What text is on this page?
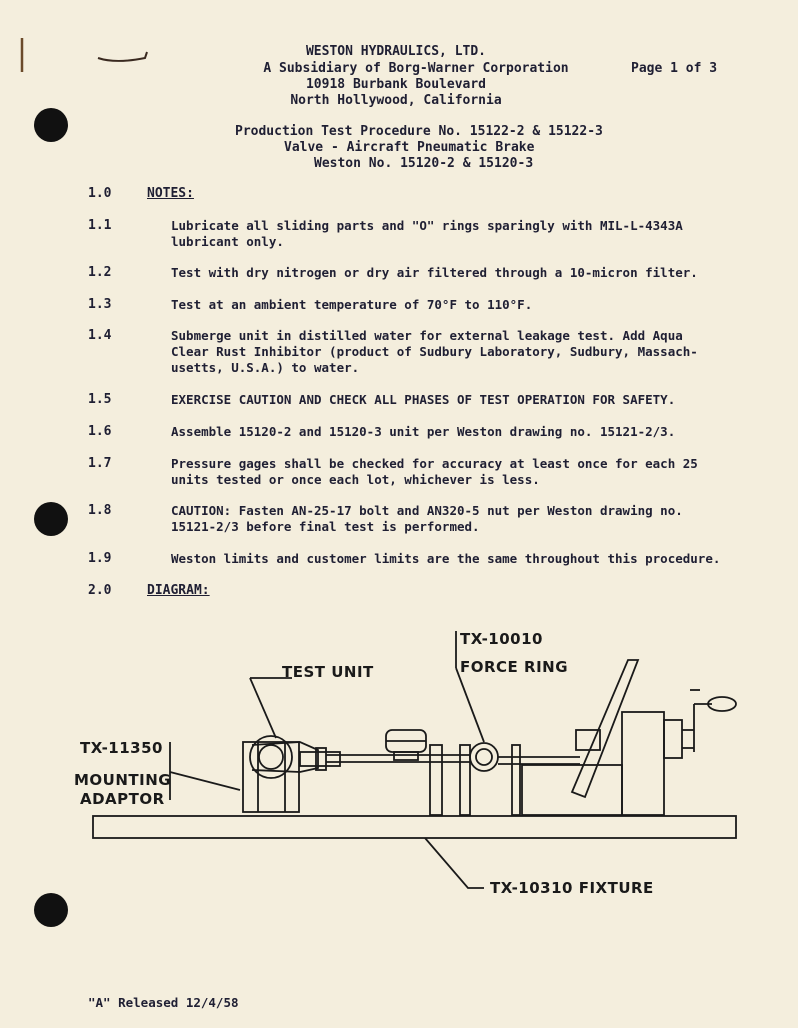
WESTON HYDRAULICS, LTD.
A Subsidiary of Borg-Warner Corporation
10918 Burbank Boulevard
North Hollywood, California
Page 1 of 3
Production Test Procedure No. 15122-2 & 15122-3
Valve - Aircraft Pneumatic Brake
Weston No. 15120-2 & 15120-3
1.0	NOTES:
1.1	Lubricate all sliding parts and "O" rings sparingly with MIL-L-4343A
lubricant only.
1.2	Test with dry nitrogen or dry air filtered through a 10-micron filter.
1.3	Test at an ambient temperature of 70°F to 110°F.
1.4	Submerge unit in distilled water for external leakage test. Add Aqua
Clear Rust Inhibitor (product of Sudbury Laboratory, Sudbury, Massach-
usetts, U.S.A.) to water.
1.5	EXERCISE CAUTION AND CHECK ALL PHASES OF TEST OPERATION FOR SAFETY.
1.6	Assemble 15120-2 and 15120-3 unit per Weston drawing no. 15121-2/3.
1.7	Pressure gages shall be checked for accuracy at least once for each 25
units tested or once each lot, whichever is less.
1.8	CAUTION: Fasten AN-25-17 bolt and AN320-5 nut per Weston drawing no.
15121-2/3 before final test is performed.
1.9	Weston limits and customer limits are the same throughout this procedure.
2.0	DIAGRAM:
TEST UNIT
TX-10010
FORCE RING
TX-11350
MOUNTING
ADAPTOR
TX-10310 FIXTURE
"A" Released 12/4/58
